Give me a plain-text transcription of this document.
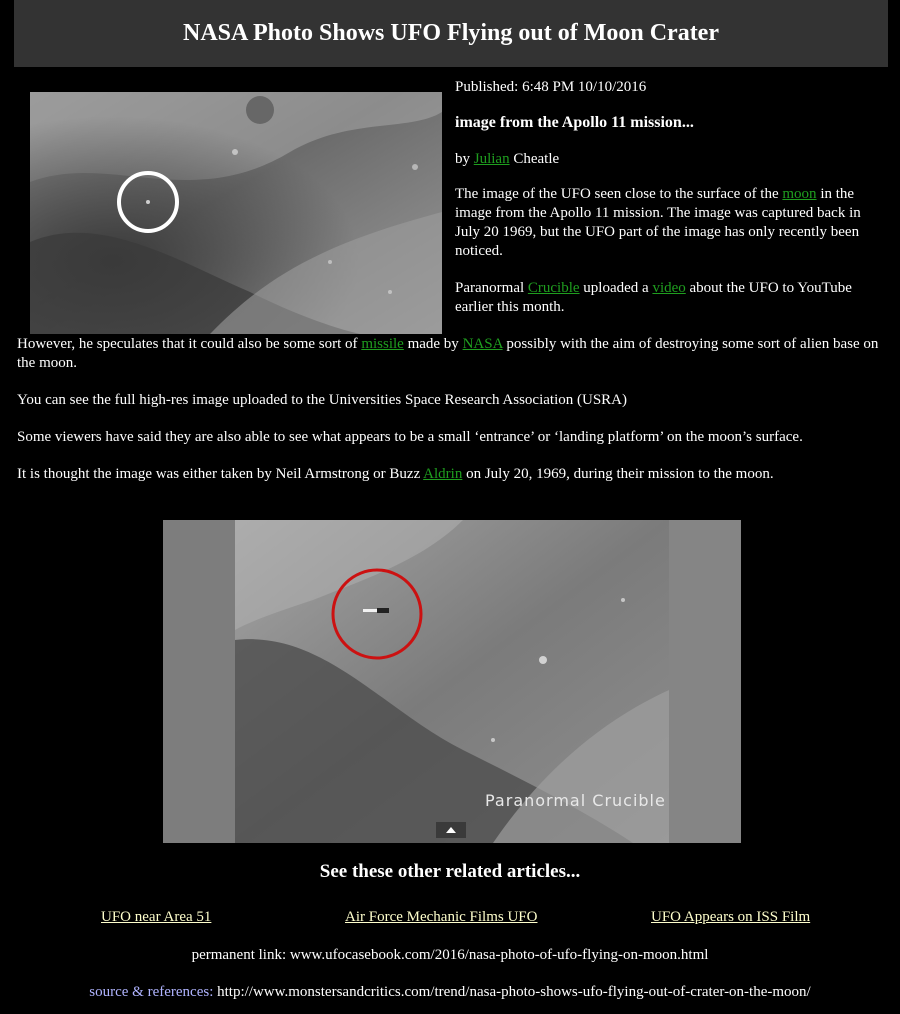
NASA Photo Shows UFO Flying out of Moon Crater

Published: 6:48 PM 10/10/2016

image from the Apollo 11 mission...

by Julian Cheatle

The image of the UFO seen close to the surface of the moon in the image from the Apollo 11 mission. The image was captured back in July 20 1969, but the UFO part of the image has only recently been noticed.

Paranormal Crucible uploaded a video about the UFO to YouTube earlier this month.

However, he speculates that it could also be some sort of missile made by NASA possibly with the aim of destroying some sort of alien base on the moon.

You can see the full high-res image uploaded to the Universities Space Research Association (USRA)

Some viewers have said they are also able to see what appears to be a small ‘entrance’ or ‘landing platform’ on the moon’s surface.

It is thought the image was either taken by Neil Armstrong or Buzz Aldrin on July 20, 1969, during their mission to the moon.

Paranormal Crucible
See these other related articles...
UFO near Area 51	Air Force Mechanic Films UFO	UFO Appears on ISS Film
permanent link: www.ufocasebook.com/2016/nasa-photo-of-ufo-flying-on-moon.html
source & references: http://www.monstersandcritics.com/trend/nasa-photo-shows-ufo-flying-out-of-crater-on-the-moon/
